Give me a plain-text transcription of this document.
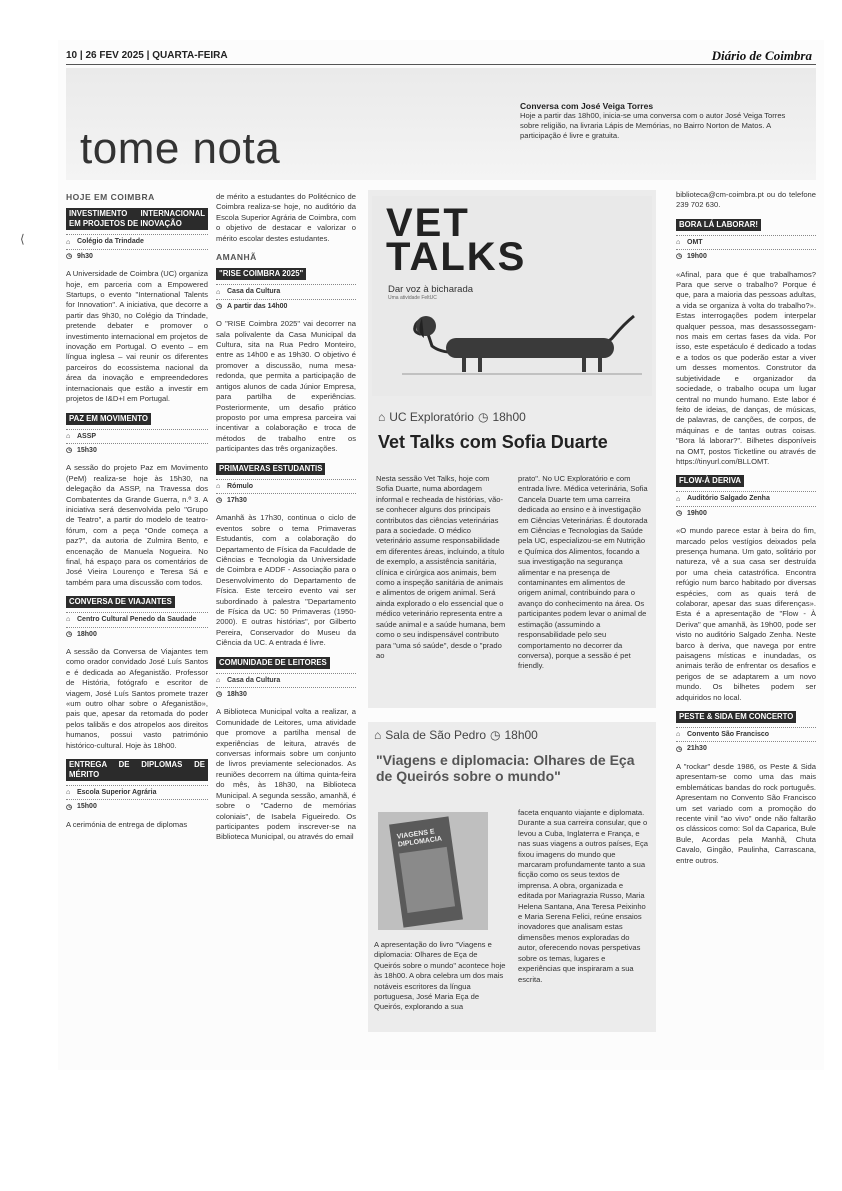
10 | 26 FEV 2025 | QUARTA-FEIRA	Diário de Coimbra
tome nota
Conversa com José Veiga Torres
Hoje a partir das 18h00, inicia-se uma conversa com o autor José Veiga Torres sobre religião, na livraria Lápis de Memórias, no Bairro Norton de Matos. A participação é livre e gratuita.
HOJE EM COIMBRA
INVESTIMENTO INTERNACIONAL EM PROJETOS DE INOVAÇÃO
⌂ Colégio da Trindade
◷ 9h30
A Universidade de Coimbra (UC) organiza hoje, em parceria com a Empowered Startups, o evento "International Talents for Innovation". A iniciativa, que decorre a partir das 9h30, no Colégio da Trindade, pretende debater e promover o investimento internacional em projetos de inovação em Portugal. O evento – em língua inglesa – vai reunir os diferentes parceiros do ecossistema nacional da área da inovação e empreendedores internacionais que estão a investir em projetos de I&D+I em Portugal.
PAZ EM MOVIMENTO
⌂ ASSP
◷ 15h30
A sessão do projeto Paz em Movimento (PeM) realiza-se hoje às 15h30, na delegação da ASSP, na Travessa dos Combatentes da Grande Guerra, n.º 3. A iniciativa será desenvolvida pelo "Grupo de Teatro", a partir do modelo de teatro-fórum, com a peça "Onde começa a paz?", da autoria de Zulmira Bento, e encenação de Manuela Nogueira. No final, há espaço para os comentários de José Vieira Lourenço e Teresa Sá e também para uma discussão com todos.
CONVERSA DE VIAJANTES
⌂ Centro Cultural Penedo da Saudade
◷ 18h00
A sessão da Conversa de Viajantes tem como orador convidado José Luís Santos e é dedicada ao Afeganistão. Professor de História, fotógrafo e escritor de viagem, José Luís Santos promete trazer «um outro olhar sobre o Afeganistão», pais que, apesar da retomada do poder pelos talibãs e dos atropelos aos direitos humanos, possui vasto património histórico-cultural. Hoje às 18h00.
ENTREGA DE DIPLOMAS DE MÉRITO
⌂ Escola Superior Agrária
◷ 15h00
A cerimónia de entrega de diplomas
de mérito a estudantes do Politécnico de Coimbra realiza-se hoje, no auditório da Escola Superior Agrária de Coimbra, com o objetivo de destacar e valorizar o mérito escolar destes estudantes.
AMANHÃ
"RISE COIMBRA 2025"
⌂ Casa da Cultura
◷ A partir das 14h00
O "RISE Coimbra 2025" vai decorrer na sala polivalente da Casa Municipal da Cultura, sita na Rua Pedro Monteiro, entre as 14h00 e as 19h30. O objetivo é promover a discussão, numa mesa-redonda, que permita a participação de antigos alunos de cada Júnior Empresa, para partilha de experiências. Posteriormente, um desafio prático proposto por uma empresa parceira vai incentivar a colaboração e troca de métodos de trabalho entre os participantes das três organizações.
PRIMAVERAS ESTUDANTIS
⌂ Rómulo
◷ 17h30
Amanhã às 17h30, continua o ciclo de eventos sobre o tema Primaveras Estudantis, com a colaboração do Departamento de Física da Faculdade de Ciências e Tecnologia da Universidade de Coimbra e ADDF - Associação para o Desenvolvimento do Departamento de Física. Este terceiro evento vai ser subordinado à palestra "Departamento de Física da UC: 50 Primaveras (1950-2000). E outras histórias", por Gilberto Pereira, Conservador do Museu da Ciência da UC. A entrada é livre.
COMUNIDADE DE LEITORES
⌂ Casa da Cultura
◷ 18h30
A Biblioteca Municipal volta a realizar, a Comunidade de Leitores, uma atividade que promove a partilha mensal de experiências de leitura, através de conversas informais sobre um conjunto de livros previamente selecionados. As reuniões decorrem na última quinta-feira do mês, às 18h30, na Biblioteca Municipal. A segunda sessão, amanhã, é sobre o "Caderno de memórias coloniais", de Isabela Figueiredo. Os participantes podem inscrever-se na Biblioteca Municipal, ou através do email
VET
TALKS
Dar voz à bicharada
Uma atividade FeltUC
⌂ UC Exploratório ◷ 18h00
Vet Talks com Sofia Duarte
Nesta sessão Vet Talks, hoje com Sofia Duarte, numa abordagem informal e recheada de histórias, vão-se conhecer alguns dos principais contributos das ciências veterinárias para a sociedade. O médico veterinário assume responsabilidade em diferentes áreas, incluindo, a título de exemplo, a assistência sanitária, clínica e cirúrgica aos animais, bem como a inspeção sanitária de animais e alimentos de origem animal. Será ainda explorado o elo essencial que o médico veterinário representa entre a saúde animal e a saúde humana, bem como o seu indispensável contributo para "uma só saúde", desde o "prado ao
prato". No UC Exploratório e com entrada livre. Médica veterinária, Sofia Cancela Duarte tem uma carreira dedicada ao ensino e à investigação em Ciências Veterinárias. É doutorada em Ciências e Tecnologias da Saúde pela UC, especializou-se em Nutrição e Química dos Alimentos, focando a sua investigação na segurança alimentar e na presença de contaminantes em alimentos de origem animal, contribuindo para o avanço do conhecimento na área. Os participantes podem levar o animal de estimação (assumindo a responsabilidade pelo seu comportamento no decorrer da conversa), porque a sessão é pet friendly.
⌂ Sala de São Pedro ◷ 18h00
"Viagens e diplomacia: Olhares de Eça de Queirós sobre o mundo"
VIAGENS E DIPLOMACIA
A apresentação do livro "Viagens e diplomacia: Olhares de Eça de Queirós sobre o mundo" acontece hoje às 18h00. A obra celebra um dos mais notáveis escritores da língua portuguesa, José Maria Eça de Queirós, explorando a sua
faceta enquanto viajante e diplomata. Durante a sua carreira consular, que o levou a Cuba, Inglaterra e França, e nas suas viagens a outros países, Eça fixou imagens do mundo que marcaram profundamente tanto a sua ficção como os seus textos de imprensa. A obra, organizada e editada por Mariagrazia Russo, Maria Helena Santana, Ana Teresa Peixinho e Maria Serena Felici, reúne ensaios inovadores que analisam estas dimensões menos exploradas do autor, oferecendo novas perspetivas sobre os temas, lugares e experiências que inspiraram a sua escrita.
biblioteca@cm-coimbra.pt ou do telefone 239 702 630.
BORA LÁ LABORAR!
⌂ OMT
◷ 19h00
«Afinal, para que é que trabalhamos? Para que serve o trabalho? Porque é que, para a maioria das pessoas adultas, a vida se organiza à volta do trabalho?». Estas interrogações podem interpelar qualquer pessoa, mas desassossegam-nos mais em certas fases da vida. Por isso, este espetáculo é dedicado a todas e a todos os que poderão estar a viver um desses momentos. Construtor da subjetividade e organizador da sociedade, o trabalho ocupa um lugar central no mundo humano. Este labor é feito de ideias, de danças, de músicas, de palavras, de canções, de corpos, de máquinas e de tantas outras coisas. "Bora lá laborar?". Bilhetes disponíveis na OMT, postos Ticketline ou através de https://tinyurl.com/BLLOMT.
FLOW-À DERIVA
⌂ Auditório Salgado Zenha
◷ 19h00
«O mundo parece estar à beira do fim, marcado pelos vestígios deixados pela presença humana. Um gato, solitário por natureza, vê a sua casa ser destruída por uma cheia catastrófica. Encontra refúgio num barco habitado por diversas espécies, com as quais terá de colaborar, apesar das suas diferenças». Esta é a apresentação de "Flow - À Deriva" que amanhã, às 19h00, pode ser visto no auditório Salgado Zenha. Neste barco à deriva, que navega por entre paisagens místicas e inundadas, os animais terão de enfrentar os desafios e perigos de se adaptarem a um novo mundo. Os bilhetes podem ser adquiridos no local.
PESTE & SIDA EM CONCERTO
⌂ Convento São Francisco
◷ 21h30
A "rockar" desde 1986, os Peste & Sida apresentam-se como uma das mais emblemáticas bandas do rock português. Apresentam no Convento São Francisco um set variado com a promoção do recente vinil "ao vivo" onde não faltarão os clássicos como: Sol da Caparica, Bule Bule, Acordas pela Manhã, Chuta Cavalo, Gingão, Paulinha, Carrascana, entre outros.
⟨
